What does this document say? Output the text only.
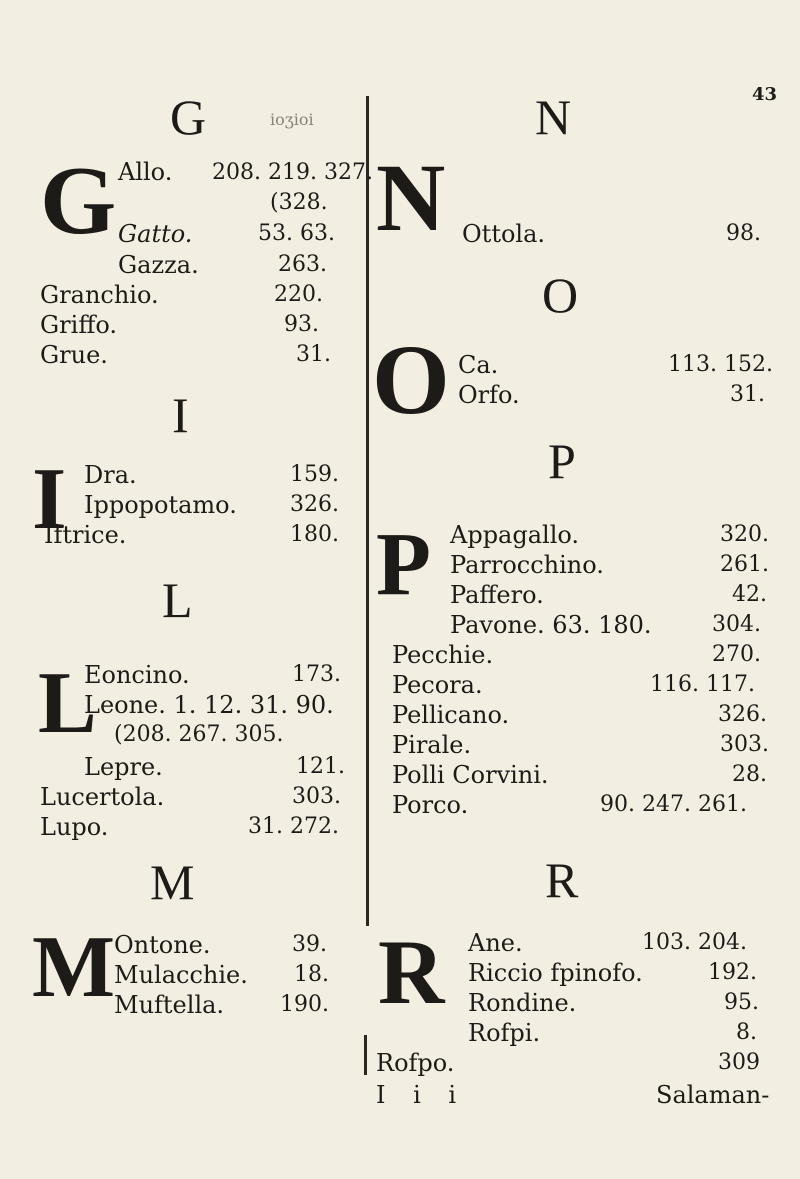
43
G	ioʒioi
G Allo. 208. 219. 327.
(328.
Gatto.	53. 63.
Gazza.	263.
Granchio.	220.
Griffo.	93.
Grue.	31.
I
I Dra.	159.
Ippopotamo. 326.
Iftrice.	180.
L
L
Eoncino.	173.
Leone. 1. 12. 31. 90.
(208. 267. 305.
Lepre.	121.
Lucertola.	303.
Lupo.	31. 272.
M
M
Ontone.	39.
Mulacchie. 18.
Muftella.	190.
N
N Ottola.	98.
O
O Ca.	113. 152.
Orfo.	31.
P
P Appagallo.	320.
Parrocchino.	261.
Paffero.	42.
Pavone. 63. 180.	304.
Pecchie.	270.
Pecora.	116. 117.
Pellicano.	326.
Pirale.	303.
Polli Corvini.	28.
Porco.	90. 247. 261.
R
R Ane.	103. 204.
Riccio fpinofo.	192.
Rondine.	95.
Rofpi.	8.
Rofpo.	309
I i i	Salaman-
